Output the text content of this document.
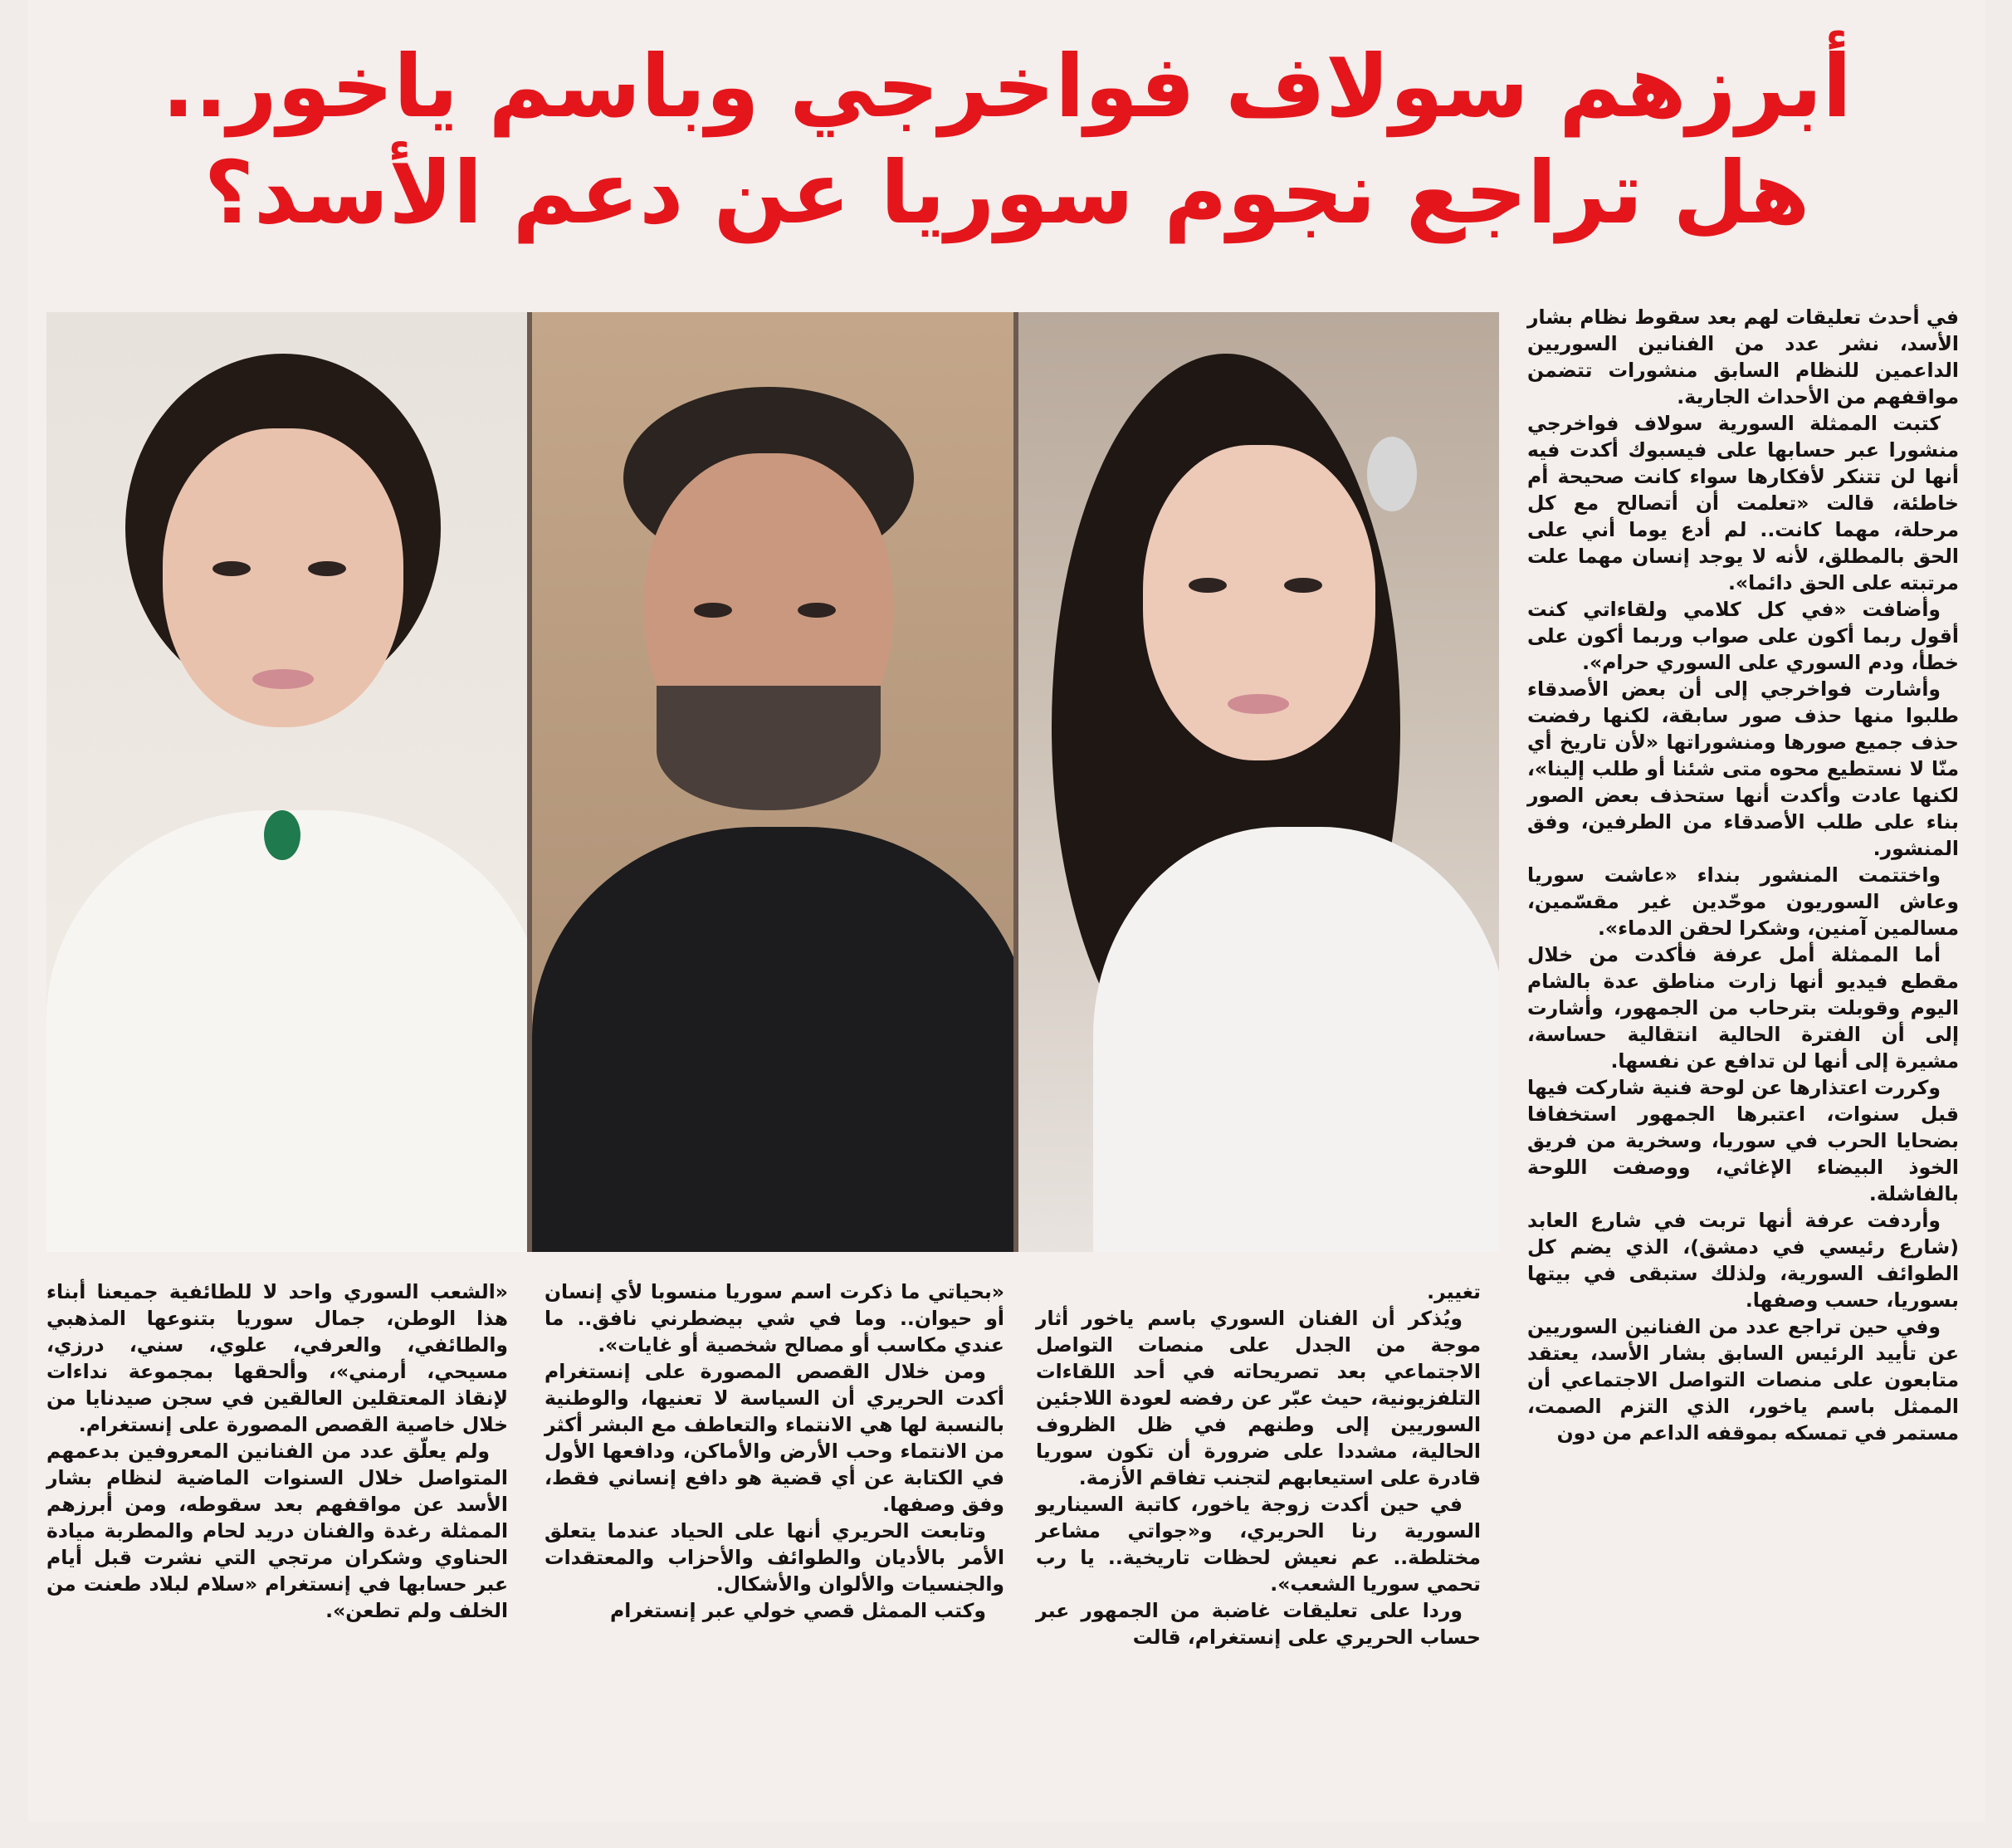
أبرزهم سولاف فواخرجي وباسم ياخور..
هل تراجع نجوم سوريا عن دعم الأسد؟

في أحدث تعليقات لهم بعد سقوط نظام بشار الأسد، نشر عدد من الفنانين السوريين الداعمين للنظام السابق منشورات تتضمن مواقفهم من الأحداث الجارية.

كتبت الممثلة السورية سولاف فواخرجي منشورا عبر حسابها على فيسبوك أكدت فيه أنها لن تتنكر لأفكارها سواء كانت صحيحة أم خاطئة، قالت «تعلمت أن أتصالح مع كل مرحلة، مهما كانت.. لم أدع يوما أني على الحق بالمطلق، لأنه لا يوجد إنسان مهما علت مرتبته على الحق دائما».

وأضافت «في كل كلامي ولقاءاتي كنت أقول ربما أكون على صواب وربما أكون على خطأ، ودم السوري على السوري حرام».

وأشارت فواخرجي إلى أن بعض الأصدقاء طلبوا منها حذف صور سابقة، لكنها رفضت حذف جميع صورها ومنشوراتها «لأن تاريخ أي منّا لا نستطيع محوه متى شئنا أو طلب إلينا»، لكنها عادت وأكدت أنها ستحذف بعض الصور بناء على طلب الأصدقاء من الطرفين، وفق المنشور.

واختتمت المنشور بنداء «عاشت سوريا وعاش السوريون موحّدين غير مقسّمين، مسالمين آمنين، وشكرا لحقن الدماء».

أما الممثلة أمل عرفة فأكدت من خلال مقطع فيديو أنها زارت مناطق عدة بالشام اليوم وقوبلت بترحاب من الجمهور، وأشارت إلى أن الفترة الحالية انتقالية حساسة، مشيرة إلى أنها لن تدافع عن نفسها.

وكررت اعتذارها عن لوحة فنية شاركت فيها قبل سنوات، اعتبرها الجمهور استخفافا بضحايا الحرب في سوريا، وسخرية من فريق الخوذ البيضاء الإغاثي، ووصفت اللوحة بالفاشلة.

وأردفت عرفة أنها تربت في شارع العابد (شارع رئيسي في دمشق)، الذي يضم كل الطوائف السورية، ولذلك ستبقى في بيتها بسوريا، حسب وصفها.

وفي حين تراجع عدد من الفنانين السوريين عن تأييد الرئيس السابق بشار الأسد، يعتقد متابعون على منصات التواصل الاجتماعي أن الممثل باسم ياخور، الذي التزم الصمت، مستمر في تمسكه بموقفه الداعم من دون

تغيير.

ويُذكر أن الفنان السوري باسم ياخور أثار موجة من الجدل على منصات التواصل الاجتماعي بعد تصريحاته في أحد اللقاءات التلفزيونية، حيث عبّر عن رفضه لعودة اللاجئين السوريين إلى وطنهم في ظل الظروف الحالية، مشددا على ضرورة أن تكون سوريا قادرة على استيعابهم لتجنب تفاقم الأزمة.

في حين أكدت زوجة ياخور، كاتبة السيناريو السورية رنا الحريري، و«جواتي مشاعر مختلطة.. عم نعيش لحظات تاريخية.. يا رب تحمي سوريا الشعب».

وردا على تعليقات غاضبة من الجمهور عبر حساب الحريري على إنستغرام، قالت

«بحياتي ما ذكرت اسم سوريا منسوبا لأي إنسان أو حيوان.. وما في شي بيضطرني نافق.. ما عندي مكاسب أو مصالح شخصية أو غايات».

ومن خلال القصص المصورة على إنستغرام أكدت الحريري أن السياسة لا تعنيها، والوطنية بالنسبة لها هي الانتماء والتعاطف مع البشر أكثر من الانتماء وحب الأرض والأماكن، ودافعها الأول في الكتابة عن أي قضية هو دافع إنساني فقط، وفق وصفها.

وتابعت الحريري أنها على الحياد عندما يتعلق الأمر بالأديان والطوائف والأحزاب والمعتقدات والجنسيات والألوان والأشكال.

وكتب الممثل قصي خولي عبر إنستغرام

«الشعب السوري واحد لا للطائفية جميعنا أبناء هذا الوطن، جمال سوريا بتنوعها المذهبي والطائفي، والعرفي، علوي، سني، درزي، مسيحي، أرمني»، وألحقها بمجموعة نداءات لإنقاذ المعتقلين العالقين في سجن صيدنايا من خلال خاصية القصص المصورة على إنستغرام.

ولم يعلّق عدد من الفنانين المعروفين بدعمهم المتواصل خلال السنوات الماضية لنظام بشار الأسد عن مواقفهم بعد سقوطه، ومن أبرزهم الممثلة رغدة والفنان دريد لحام والمطربة ميادة الحناوي وشكران مرتجي التي نشرت قبل أيام عبر حسابها في إنستغرام «سلام لبلاد طعنت من الخلف ولم تطعن».
